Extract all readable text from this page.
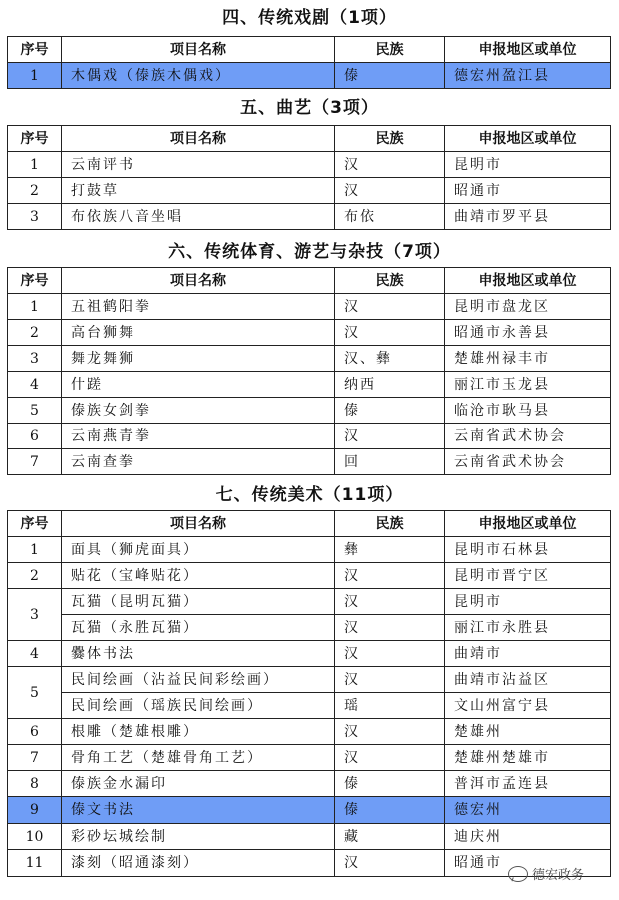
四、传统戏剧（1项）
序号	项目名称	民族	申报地区或单位
1	木偶戏（傣族木偶戏）	傣	德宏州盈江县
五、曲艺（3项）
序号	项目名称	民族	申报地区或单位
1	云南评书	汉	昆明市
2	打鼓草	汉	昭通市
3	布依族八音坐唱	布依	曲靖市罗平县
六、传统体育、游艺与杂技（7项）
序号	项目名称	民族	申报地区或单位
1	五祖鹤阳拳	汉	昆明市盘龙区
2	高台狮舞	汉	昭通市永善县
3	舞龙舞狮	汉、彝	楚雄州禄丰市
4	什蹉	纳西	丽江市玉龙县
5	傣族女剑拳	傣	临沧市耿马县
6	云南燕青拳	汉	云南省武术协会
7	云南查拳	回	云南省武术协会
七、传统美术（11项）
序号	项目名称	民族	申报地区或单位
1	面具（狮虎面具）	彝	昆明市石林县
2	贴花（宝峰贴花）	汉	昆明市晋宁区
3	瓦猫（昆明瓦猫）	汉	昆明市
	瓦猫（永胜瓦猫）	汉	丽江市永胜县
4	爨体书法	汉	曲靖市
5	民间绘画（沾益民间彩绘画）	汉	曲靖市沾益区
	民间绘画（瑶族民间绘画）	瑶	文山州富宁县
6	根雕（楚雄根雕）	汉	楚雄州
7	骨角工艺（楚雄骨角工艺）	汉	楚雄州楚雄市
8	傣族金水漏印	傣	普洱市孟连县
9	傣文书法	傣	德宏州
10	彩砂坛城绘制	藏	迪庆州
11	漆刻（昭通漆刻）	汉	昭通市
德宏政务
